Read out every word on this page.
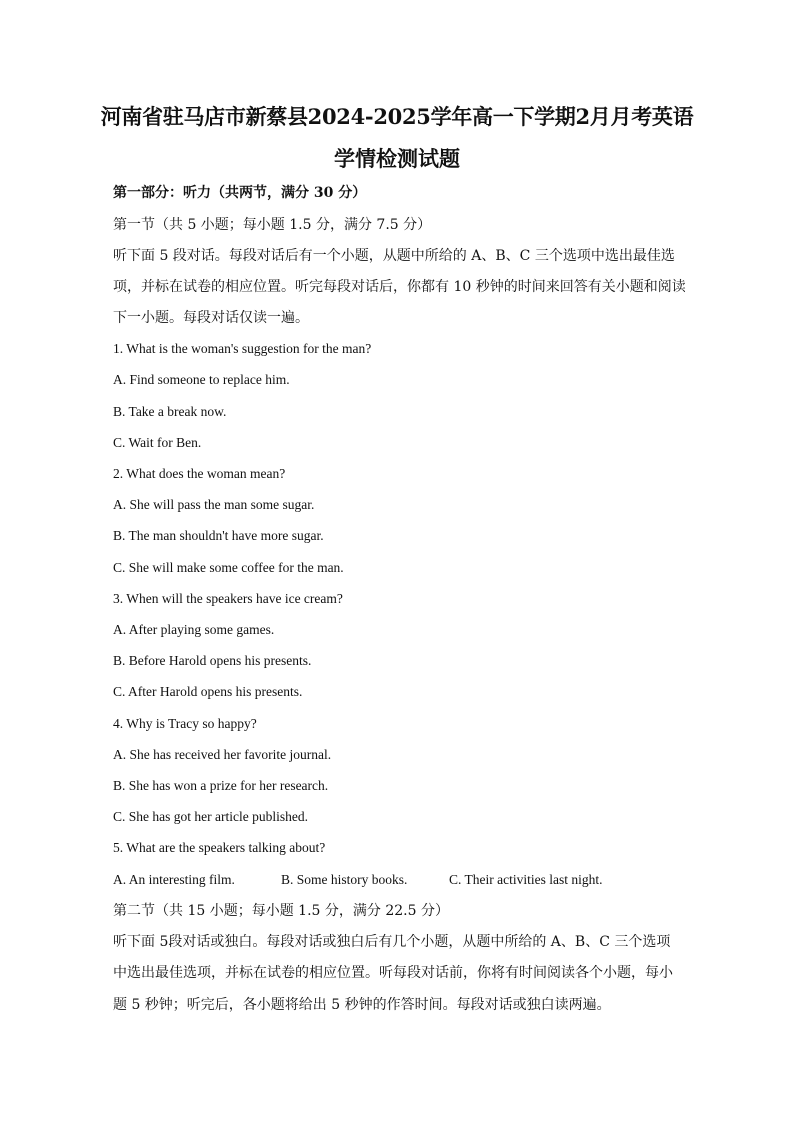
河南省驻马店市新蔡县2024-2025学年高一下学期2月月考英语
学情检测试题
第一部分：听力（共两节，满分 30 分）
第一节（共 5 小题；每小题 1.5 分，满分 7.5 分）
听下面 5 段对话。每段对话后有一个小题，从题中所给的 A、B、C 三个选项中选出最佳选
项，并标在试卷的相应位置。听完每段对话后，你都有 10 秒钟的时间来回答有关小题和阅读
下一小题。每段对话仅读一遍。
1. What is the woman's suggestion for the man?
A. Find someone to replace him.
B. Take a break now.
C. Wait for Ben.
2. What does the woman mean?
A. She will pass the man some sugar.
B. The man shouldn't have more sugar.
C. She will make some coffee for the man.
3. When will the speakers have ice cream?
A. After playing some games.
B. Before Harold opens his presents.
C. After Harold opens his presents.
4. Why is Tracy so happy?
A. She has received her favorite journal.
B. She has won a prize for her research.
C. She has got her article published.
5. What are the speakers talking about?
A. An interesting film.	B. Some history books.	C. Their activities last night.
第二节（共 15 小题；每小题 1.5 分，满分 22.5 分）
听下面 5段对话或独白。每段对话或独白后有几个小题，从题中所给的 A、B、C 三个选项
中选出最佳选项，并标在试卷的相应位置。听每段对话前，你将有时间阅读各个小题，每小
题 5 秒钟；听完后，各小题将给出 5 秒钟的作答时间。每段对话或独白读两遍。
